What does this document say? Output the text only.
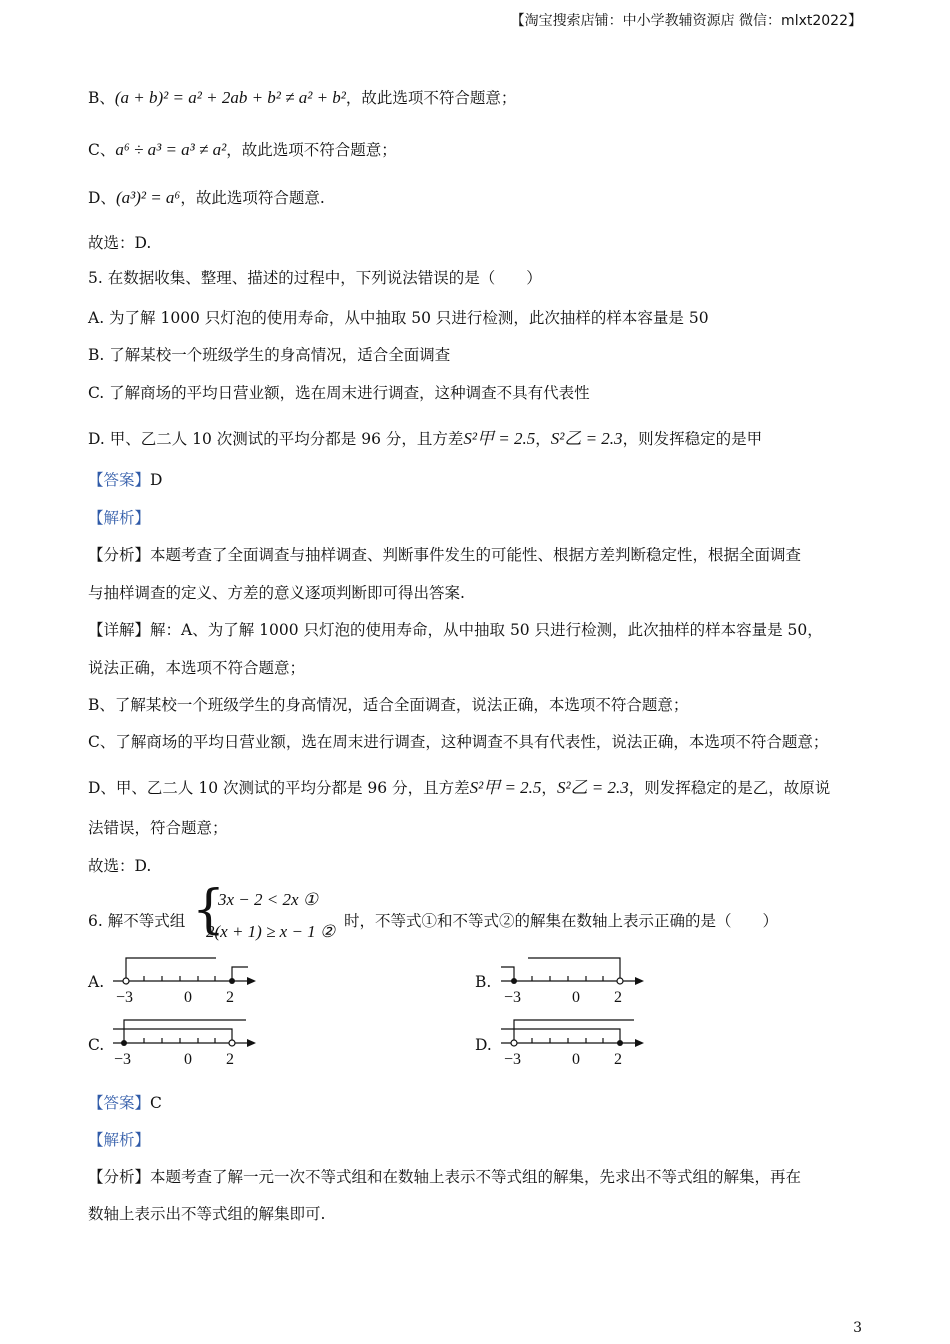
【淘宝搜索店铺：中小学教辅资源店 微信：mlxt2022】
B、(a + b)² = a² + 2ab + b² ≠ a² + b²，故此选项不符合题意；
C、a⁶ ÷ a³ = a³ ≠ a²，故此选项不符合题意；
D、(a³)² = a⁶，故此选项符合题意.
故选：D.
5. 在数据收集、整理、描述的过程中，下列说法错误的是（　　）
A. 为了解 1000 只灯泡的使用寿命，从中抽取 50 只进行检测，此次抽样的样本容量是 50
B. 了解某校一个班级学生的身高情况，适合全面调查
C. 了解商场的平均日营业额，选在周末进行调查，这种调查不具有代表性
D. 甲、乙二人 10 次测试的平均分都是 96 分，且方差S²甲 = 2.5，S²乙 = 2.3，则发挥稳定的是甲
【答案】D
【解析】
【分析】本题考查了全面调查与抽样调查、判断事件发生的可能性、根据方差判断稳定性，根据全面调查
与抽样调查的定义、方差的意义逐项判断即可得出答案.
【详解】解：A、为了解 1000 只灯泡的使用寿命，从中抽取 50 只进行检测，此次抽样的样本容量是 50，
说法正确，本选项不符合题意；
B、了解某校一个班级学生的身高情况，适合全面调查，说法正确，本选项不符合题意；
C、了解商场的平均日营业额，选在周末进行调查，这种调查不具有代表性，说法正确，本选项不符合题意；
D、甲、乙二人 10 次测试的平均分都是 96 分，且方差S²甲 = 2.5，S²乙 = 2.3，则发挥稳定的是乙，故原说
法错误，符合题意；
故选：D.
6. 解不等式组 {
3x − 2 < 2x ①
2(x + 1) ≥ x − 1 ②
时，不等式①和不等式②的解集在数轴上表示正确的是（　　）
A.
−3	0 2
B.
−3	0 2
C.
−3	0 2
D.
−3	0 2
【答案】C
【解析】
【分析】本题考查了解一元一次不等式组和在数轴上表示不等式组的解集，先求出不等式组的解集，再在
数轴上表示出不等式组的解集即可.
3
